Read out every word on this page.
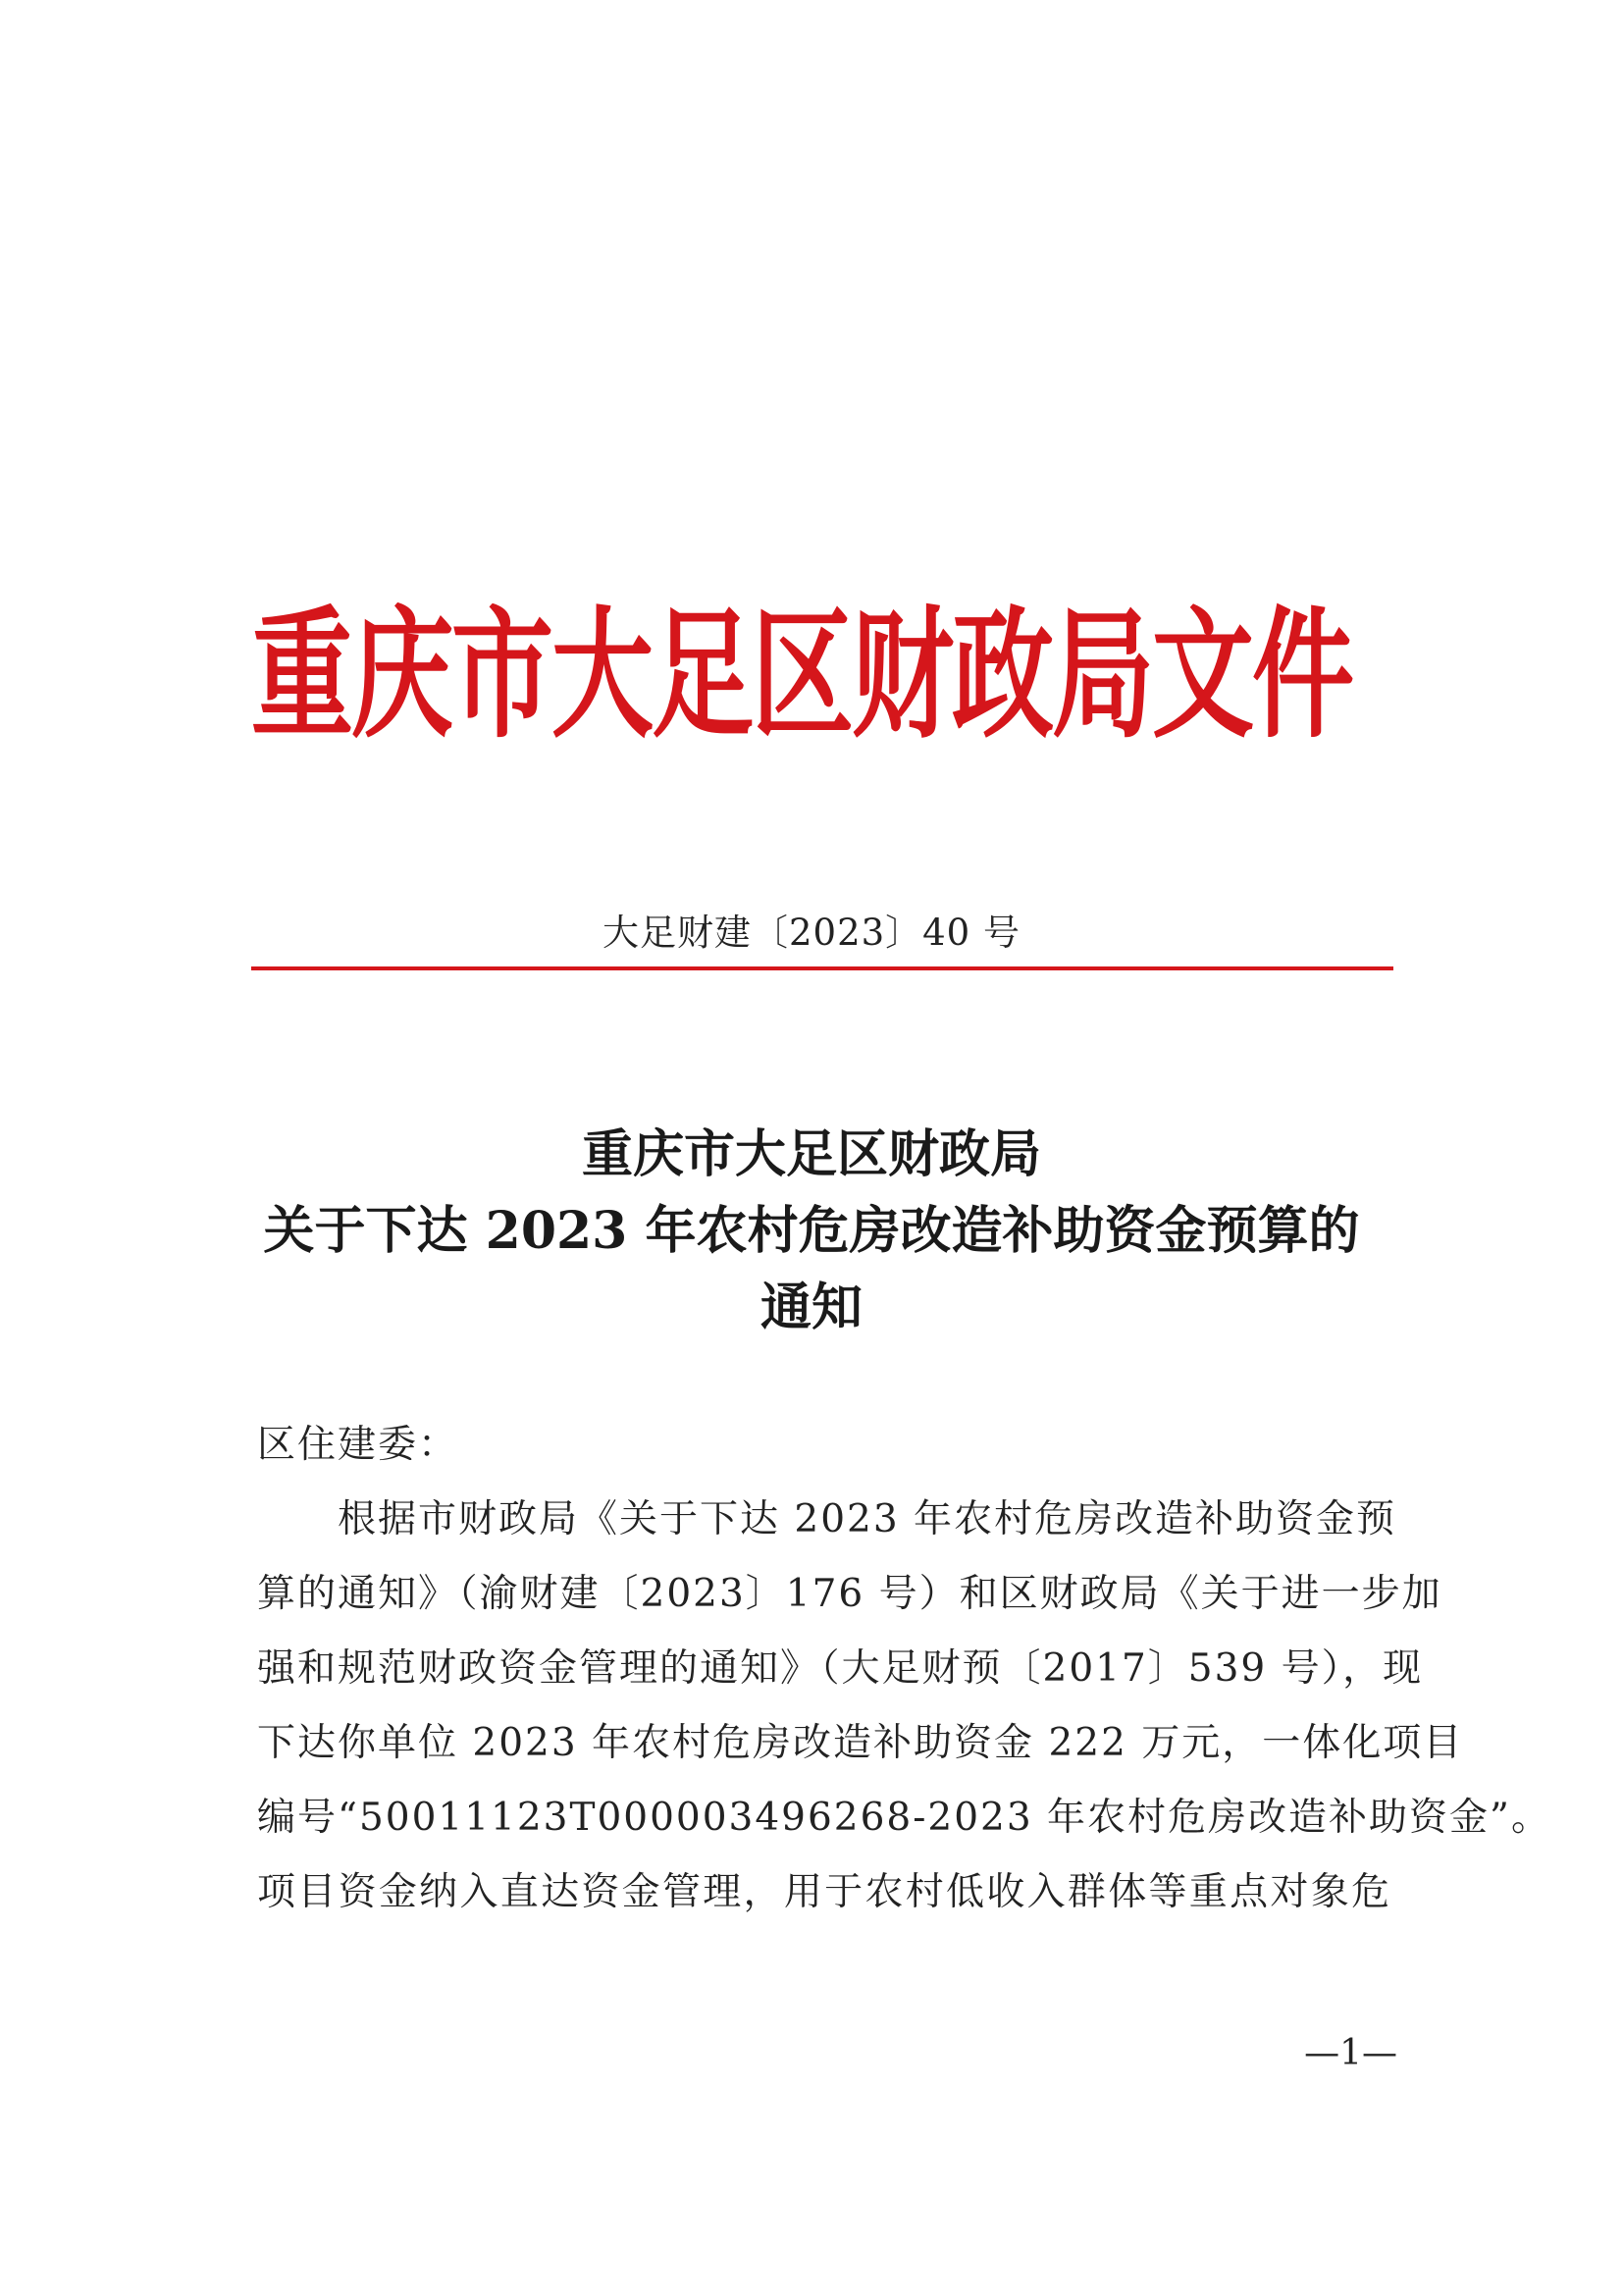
重庆市大足区财政局文件
大足财建〔2023〕40 号
重庆市大足区财政局
关于下达 2023 年农村危房改造补助资金预算的
通知

区住建委：

　　根据市财政局《关于下达 2023 年农村危房改造补助资金预
算的通知》（渝财建〔2023〕176 号）和区财政局《关于进一步加
强和规范财政资金管理的通知》（大足财预〔2017〕539 号），现
下达你单位 2023 年农村危房改造补助资金 222 万元，一体化项目
编号“50011123T000003496268-2023 年农村危房改造补助资金”。
项目资金纳入直达资金管理，用于农村低收入群体等重点对象危
—1—
